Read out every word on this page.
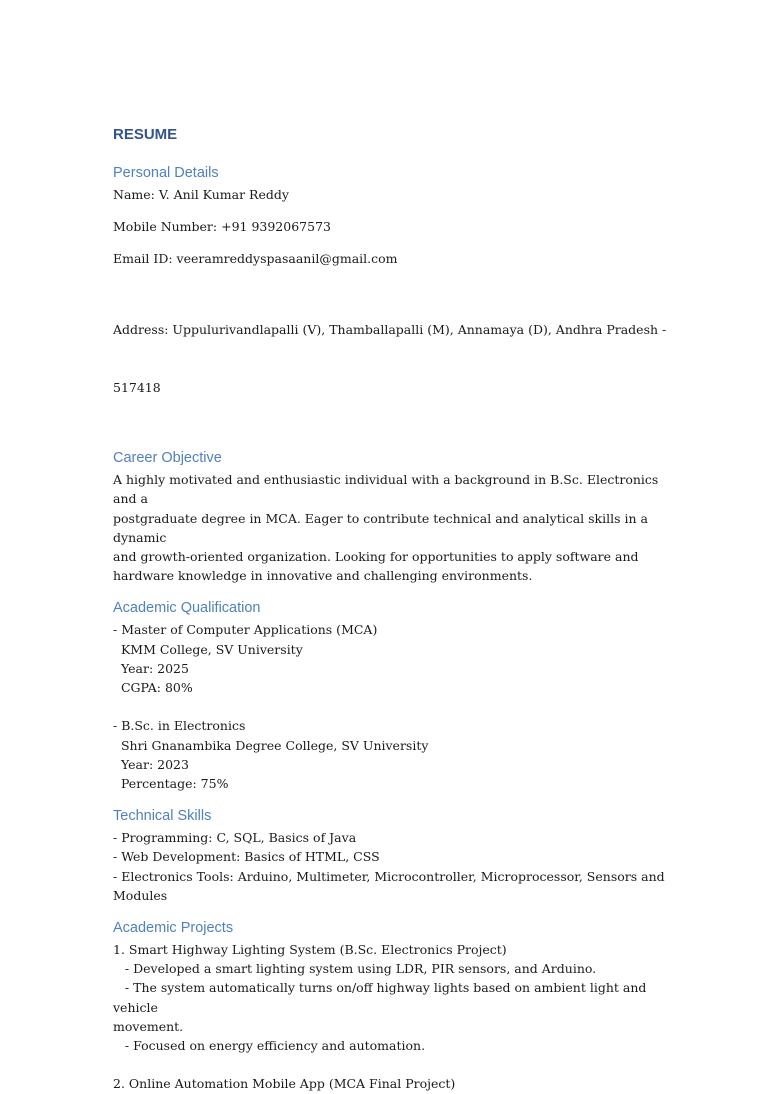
RESUME
Personal Details
Name: V. Anil Kumar Reddy
Mobile Number: +91 9392067573
Email ID: veeramreddyspasaanil@gmail.com

Address: Uppulurivandlapalli (V), Thamballapalli (M), Annamaya (D), Andhra Pradesh -

517418

Career Objective
A highly motivated and enthusiastic individual with a background in B.Sc. Electronics and a
postgraduate degree in MCA. Eager to contribute technical and analytical skills in a dynamic
and growth-oriented organization. Looking for opportunities to apply software and
hardware knowledge in innovative and challenging environments.
Academic Qualification
- Master of Computer Applications (MCA)
KMM College, SV University
Year: 2025
CGPA: 80%
- B.Sc. in Electronics
Shri Gnanambika Degree College, SV University
Year: 2023
Percentage: 75%
Technical Skills
- Programming: C, SQL, Basics of Java
- Web Development: Basics of HTML, CSS
- Electronics Tools: Arduino, Multimeter, Microcontroller, Microprocessor, Sensors and
Modules
Academic Projects
1. Smart Highway Lighting System (B.Sc. Electronics Project)
- Developed a smart lighting system using LDR, PIR sensors, and Arduino.
- The system automatically turns on/off highway lights based on ambient light and vehicle
movement.
- Focused on energy efficiency and automation.
2. Online Automation Mobile App (MCA Final Project)
